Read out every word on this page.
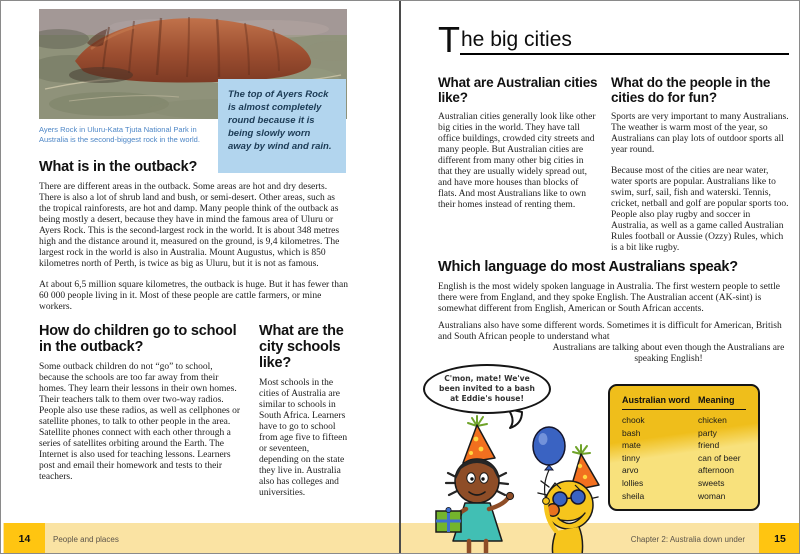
Ayers Rock in Uluru-Kata Tjuta National Park in Australia is the second-biggest rock in the world.
The top of Ayers Rock is almost completely round because it is being slowly worn away by wind and rain.
What is in the outback?

There are different areas in the outback. Some areas are hot and dry deserts. There is also a lot of shrub land and bush, or semi-desert. Other areas, such as the tropical rainforests, are hot and damp. Many people think of the outback as being mostly a desert, because they have in mind the famous area of Uluru or Ayers Rock. This is the second-largest rock in the world. It is about 348 metres high and the distance around it, measured on the ground, is 9,4 kilometres. The largest rock in the world is also in Australia. Mount Augustus, which is 850 kilometres north of Perth, is twice as big as Uluru, but it is not as famous.

At about 6,5 million square kilometres, the outback is huge. But it has fewer than 60 000 people living in it. Most of these people are cattle farmers, or mine workers.

How do children go to school in the outback?

Some outback children do not “go” to school, because the schools are too far away from their homes. They learn their lessons in their own homes. Their teachers talk to them over two-way radios. People also use these radios, as well as cellphones or satellite phones, to talk to other people in the area. Satellite phones connect with each other through a series of satellites orbiting around the Earth. The Internet is also used for teaching lessons. Learners post and email their homework and tests to their teachers.

What are the city schools like?

Most schools in the cities of Australia are similar to schools in South Africa. Learners have to go to school from age five to fifteen or seventeen, depending on the state they live in. Australia also has colleges and universities.

14	People and places
T he big cities
What are Australian cities like?

Australian cities generally look like other big cities in the world. They have tall office buildings, crowded city streets and many people. But Australian cities are different from many other big cities in that they are usually widely spread out, and have more houses than blocks of flats. And most Australians like to own their homes instead of renting them.

What do the people in the cities do for fun?

Sports are very important to many Australians. The weather is warm most of the year, so Australians can play lots of outdoor sports all year round.

Because most of the cities are near water, water sports are popular. Australians like to swim, surf, sail, fish and waterski. Tennis, cricket, netball and golf are popular sports too. People also play rugby and soccer in Australia, as well as a game called Australian Rules football or Aussie (Ozzy) Rules, which is a bit like rugby.

Which language do most Australians speak?

English is the most widely spoken language in Australia. The first western people to settle there were from England, and they spoke English. The Australian accent (AK-sint) is somewhat different from English, American or South African accents.

Australians also have some different words. Sometimes it is difficult for American, British and South African people to understand what

Australians are talking about even though the Australians are speaking English!

C'mon, mate! We've been invited to a bash at Eddie's house!	Australian word Meaning
chook	chicken
bash	party
mate	friend
tinny	can of beer
arvo	afternoon
lollies	sweets
sheila	woman
Chapter 2: Australia down under	15
